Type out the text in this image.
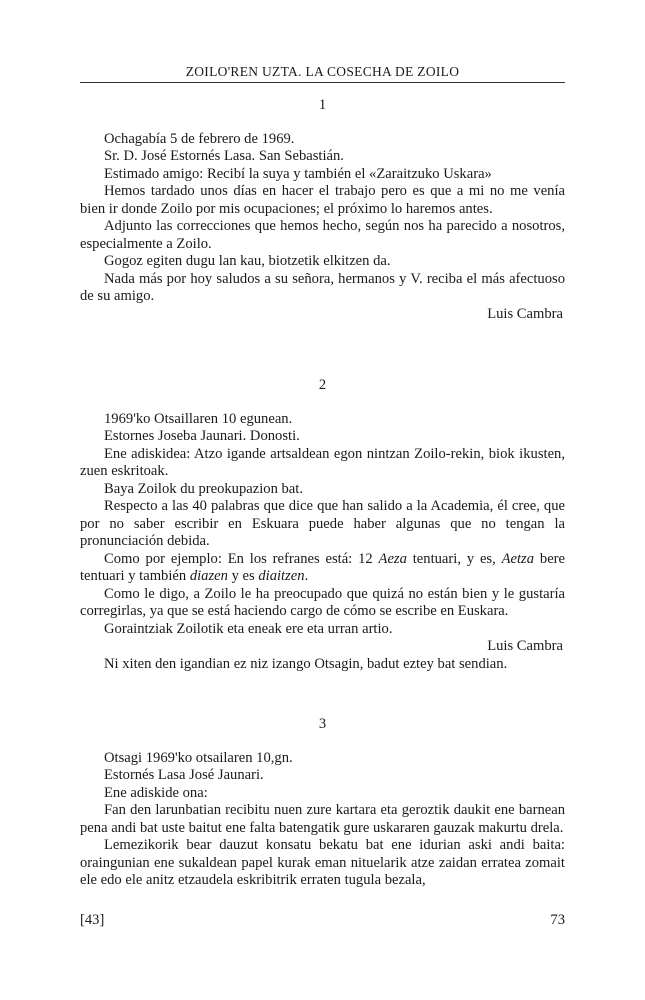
ZOILO'REN UZTA. LA COSECHA DE ZOILO
1

Ochagabía 5 de febrero de 1969.

Sr. D. José Estornés Lasa. San Sebastián.

Estimado amigo: Recibí la suya y también el «Zaraitzuko Uskara»

Hemos tardado unos días en hacer el trabajo pero es que a mi no me venía bien ir donde Zoilo por mis ocupaciones; el próximo lo haremos antes.

Adjunto las correcciones que hemos hecho, según nos ha parecido a nosotros, especialmente a Zoilo.

Gogoz egiten dugu lan kau, biotzetik elkitzen da.

Nada más por hoy saludos a su señora, hermanos y V. reciba el más afectuoso de su amigo.

Luis Cambra

2

1969'ko Otsaillaren 10 egunean.

Estornes Joseba Jaunari. Donosti.

Ene adiskidea: Atzo igande artsaldean egon nintzan Zoilo-rekin, biok ikusten, zuen eskritoak.

Baya Zoilok du preokupazion bat.

Respecto a las 40 palabras que dice que han salido a la Academia, él cree, que por no saber escribir en Eskuara puede haber algunas que no tengan la pronunciación debida.

Como por ejemplo: En los refranes está: 12 Aeza tentuari, y es, Aetza bere tentuari y también diazen y es diaitzen.

Como le digo, a Zoilo le ha preocupado que quizá no están bien y le gustaría corregirlas, ya que se está haciendo cargo de cómo se escribe en Euskara.

Goraintziak Zoilotik eta eneak ere eta urran artio.

Luis Cambra

Ni xiten den igandian ez niz izango Otsagin, badut eztey bat sendian.

3

Otsagi 1969'ko otsailaren 10,gn.

Estornés Lasa José Jaunari.

Ene adiskide ona:

Fan den larunbatian recibitu nuen zure kartara eta geroztik daukit ene barnean pena andi bat uste baitut ene falta batengatik gure uskararen gauzak makurtu drela.

Lemezikorik bear dauzut konsatu bekatu bat ene idurian aski andi baita: oraingunian ene sukaldean papel kurak eman nituelarik atze zaidan erratea zomait ele edo ele anitz etzaudela eskribitrik erraten tugula bezala,

[43]	73
